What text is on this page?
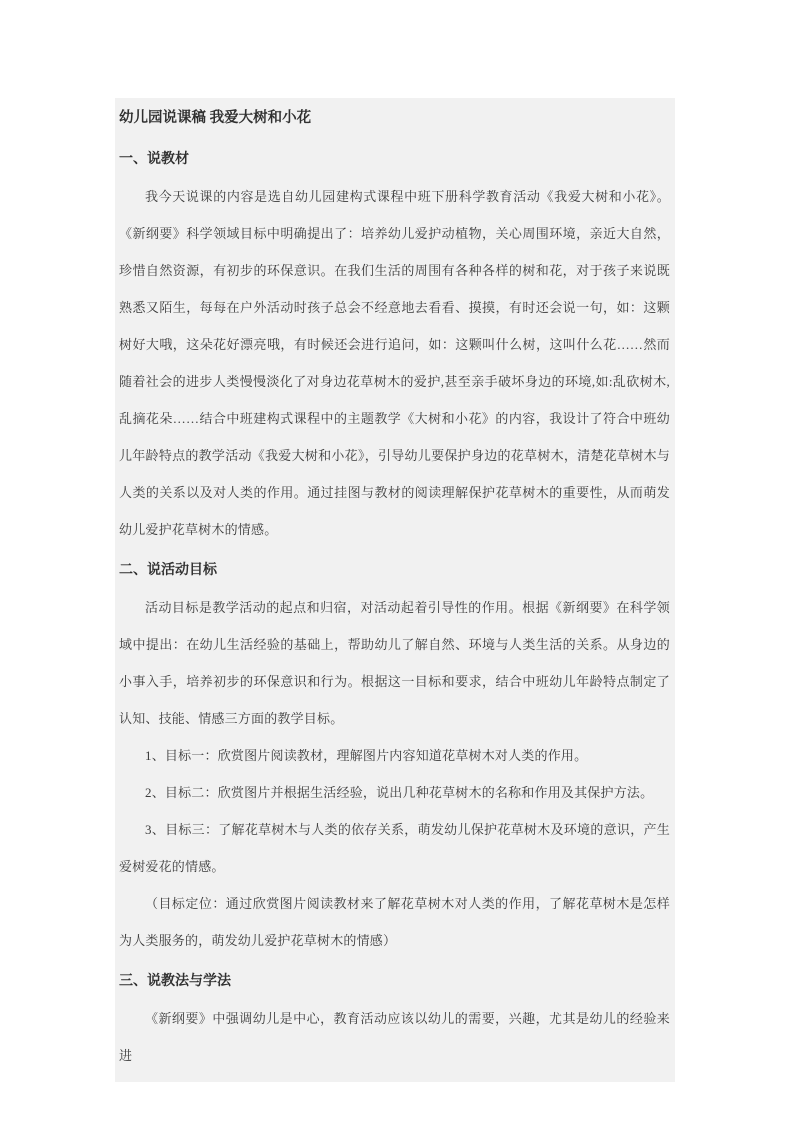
幼儿园说课稿 我爱大树和小花
一、说教材

我今天说课的内容是选自幼儿园建构式课程中班下册科学教育活动《我爱大树和小花》。《新纲要》科学领域目标中明确提出了：培养幼儿爱护动植物，关心周围环境，亲近大自然，珍惜自然资源，有初步的环保意识。在我们生活的周围有各种各样的树和花，对于孩子来说既熟悉又陌生，每每在户外活动时孩子总会不经意地去看看、摸摸，有时还会说一句，如：这颗树好大哦，这朵花好漂亮哦，有时候还会进行追问，如：这颗叫什么树，这叫什么花……然而随着社会的进步人类慢慢淡化了对身边花草树木的爱护,甚至亲手破坏身边的环境,如:乱砍树木,乱摘花朵……结合中班建构式课程中的主题教学《大树和小花》的内容，我设计了符合中班幼儿年龄特点的教学活动《我爱大树和小花》，引导幼儿要保护身边的花草树木，清楚花草树木与人类的关系以及对人类的作用。通过挂图与教材的阅读理解保护花草树木的重要性，从而萌发幼儿爱护花草树木的情感。

二、说活动目标

活动目标是教学活动的起点和归宿，对活动起着引导性的作用。根据《新纲要》在科学领域中提出：在幼儿生活经验的基础上，帮助幼儿了解自然、环境与人类生活的关系。从身边的小事入手，培养初步的环保意识和行为。根据这一目标和要求，结合中班幼儿年龄特点制定了认知、技能、情感三方面的教学目标。

1、目标一：欣赏图片阅读教材，理解图片内容知道花草树木对人类的作用。

2、目标二：欣赏图片并根据生活经验，说出几种花草树木的名称和作用及其保护方法。

3、目标三：了解花草树木与人类的依存关系，萌发幼儿保护花草树木及环境的意识，产生爱树爱花的情感。

（目标定位：通过欣赏图片阅读教材来了解花草树木对人类的作用，了解花草树木是怎样为人类服务的，萌发幼儿爱护花草树木的情感）

三、说教法与学法

《新纲要》中强调幼儿是中心，教育活动应该以幼儿的需要，兴趣，尤其是幼儿的经验来进
